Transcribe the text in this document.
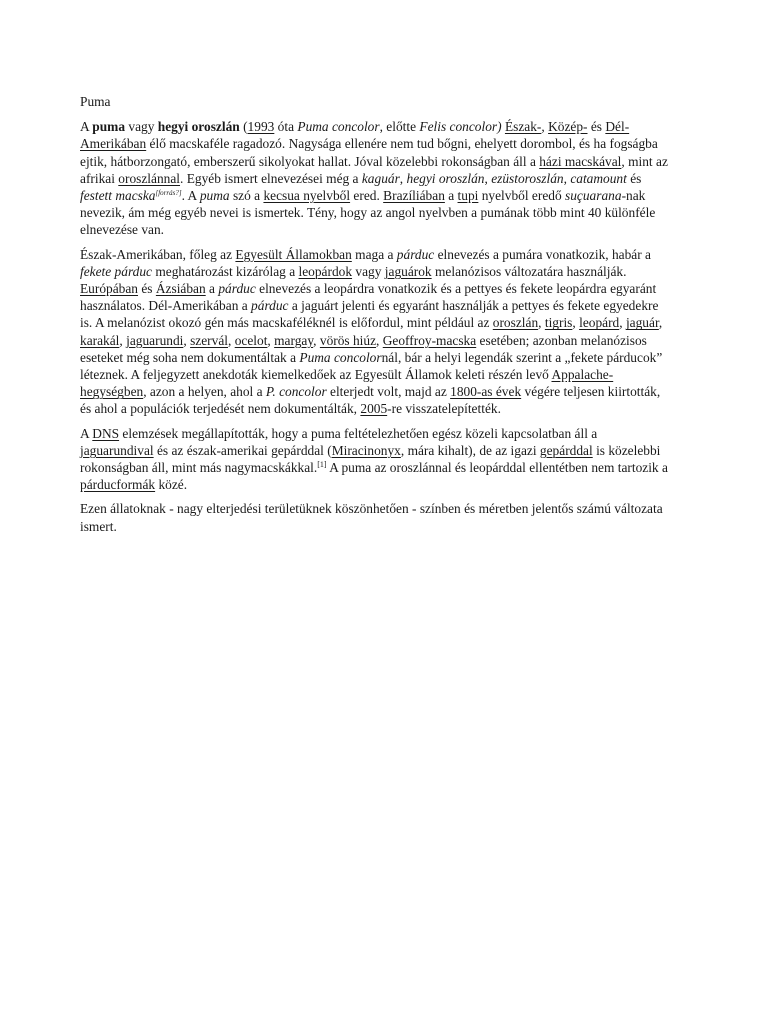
Puma

A puma vagy hegyi oroszlán (1993 óta Puma concolor, előtte Felis concolor) Észak-, Közép- és Dél-Amerikában élő macskaféle ragadozó. Nagysága ellenére nem tud bőgni, ehelyett dorombol, és ha fogságba ejtik, hátborzongató, emberszerű sikolyokat hallat. Jóval közelebbi rokonságban áll a házi macskával, mint az afrikai oroszlánnal. Egyéb ismert elnevezései még a kaguár, hegyi oroszlán, ezüstoroszlán, catamount és festett macska[forrás?]. A puma szó a kecsua nyelvből ered. Brazíliában a tupi nyelvből eredő suçuarana-nak nevezik, ám még egyéb nevei is ismertek. Tény, hogy az angol nyelvben a pumának több mint 40 különféle elnevezése van.

Észak-Amerikában, főleg az Egyesült Államokban maga a párduc elnevezés a pumára vonatkozik, habár a fekete párduc meghatározást kizárólag a leopárdok vagy jaguárok melanózisos változatára használják. Európában és Ázsiában a párduc elnevezés a leopárdra vonatkozik és a pettyes és fekete leopárdra egyaránt használatos. Dél-Amerikában a párduc a jaguárt jelenti és egyaránt használják a pettyes és fekete egyedekre is. A melanózist okozó gén más macskaféléknél is előfordul, mint például az oroszlán, tigris, leopárd, jaguár, karakál, jaguarundi, szervál, ocelot, margay, vörös hiúz, Geoffroy-macska esetében; azonban melanózisos eseteket még soha nem dokumentáltak a Puma concolornál, bár a helyi legendák szerint a „fekete párducok” léteznek. A feljegyzett anekdoták kiemelkedőek az Egyesült Államok keleti részén levő Appalache-hegységben, azon a helyen, ahol a P. concolor elterjedt volt, majd az 1800-as évek végére teljesen kiirtották, és ahol a populációk terjedését nem dokumentálták, 2005-re visszatelepítették.

A DNS elemzések megállapították, hogy a puma feltételezhetően egész közeli kapcsolatban áll a jaguarundival és az észak-amerikai gepárddal (Miracinonyx, mára kihalt), de az igazi gepárddal is közelebbi rokonságban áll, mint más nagymacskákkal.[1] A puma az oroszlánnal és leopárddal ellentétben nem tartozik a párducformák közé.

Ezen állatoknak - nagy elterjedési területüknek köszönhetően - színben és méretben jelentős számú változata ismert.
